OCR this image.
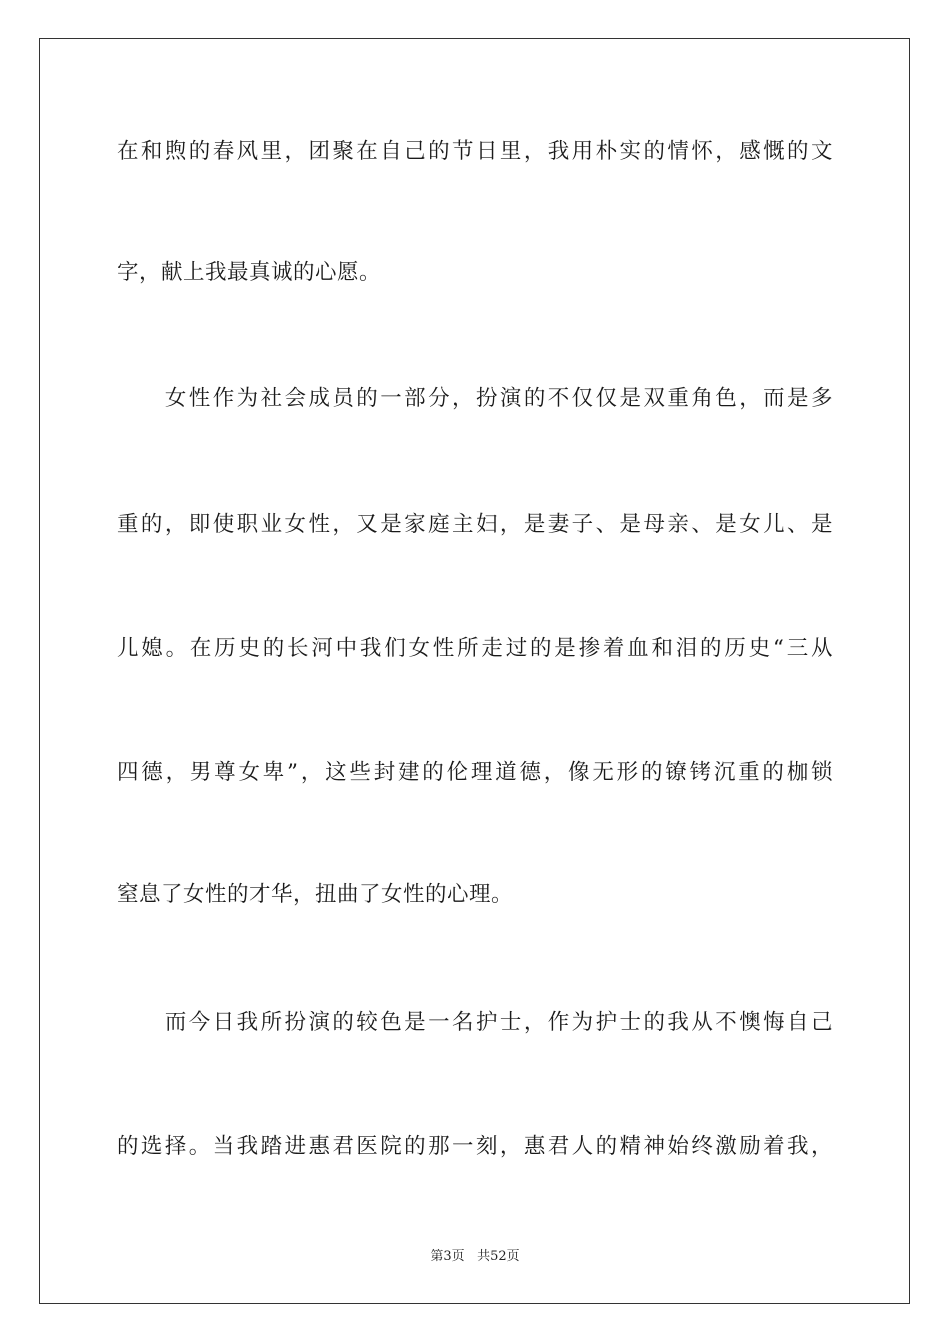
在和煦的春风里，团聚在自己的节日里，我用朴实的情怀，感慨的文
字，献上我最真诚的心愿。
　　女性作为社会成员的一部分，扮演的不仅仅是双重角色，而是多
重的，即使职业女性，又是家庭主妇，是妻子、是母亲、是女儿、是
儿媳。在历史的长河中我们女性所走过的是掺着血和泪的历史“三从
四德，男尊女卑”，这些封建的伦理道德，像无形的镣铐沉重的枷锁
窒息了女性的才华，扭曲了女性的心理。
　　而今日我所扮演的较色是一名护士，作为护士的我从不懊悔自己
的选择。当我踏进惠君医院的那一刻，惠君人的精神始终激励着我，
第3页 共52页
